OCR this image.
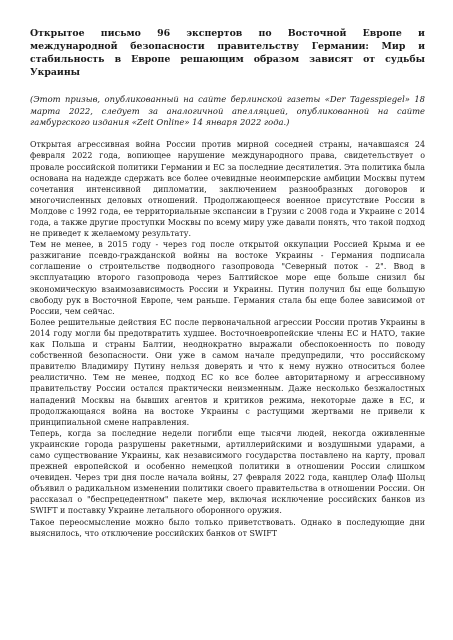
Открытое письмо 96 экспертов по Восточной Европе и международной безопасности правительству Германии: Мир и стабильность в Европе решающим образом зависят от судьбы Украины

(Этот призыв, опубликованный на сайте берлинской газеты «Der Tagesspiegel» 18 марта 2022, следует за аналогичной апелляцией, опубликованной на сайте гамбургского издания «Zeit Online» 14 января 2022 года.)

Открытая агрессивная война России против мирной соседней страны, начавшаяся 24 февраля 2022 года, вопиющее нарушение международного права, свидетельствует о провале российской политики Германии и ЕС за последние десятилетия. Эта политика была основана на надежде сдержать все более очевидные неоимперские амбиции Москвы путем сочетания интенсивной дипломатии, заключением разнообразных договоров и многочисленных деловых отношений. Продолжающееся военное присутствие России в Молдове с 1992 года, ее территориальные экспансии в Грузии с 2008 года и Украине с 2014 года, а также другие проступки Москвы по всему миру уже давали понять, что такой подход не приведет к желаемому результату.

Тем не менее, в 2015 году - через год после открытой оккупации Россией Крыма и ее разжигание псевдо-гражданской войны на востоке Украины - Германия подписала соглашение о строительстве подводного газопровода "Северный поток - 2". Ввод в эксплуатацию второго газопровода через Балтийское море еще больше снизил бы экономическую взаимозависимость России и Украины. Путин получил бы еще большую свободу рук в Восточной Европе, чем раньше. Германия стала бы еще более зависимой от России, чем сейчас.

Более решительные действия ЕС после первоначальной агрессии России против Украины в 2014 году могли бы предотвратить худшее. Восточноевропейские члены ЕС и НАТО, такие как Польша и страны Балтии, неоднократно выражали обеспокоенность по поводу собственной безопасности. Они уже в самом начале предупредили, что российскому правителю Владимиру Путину нельзя доверять и что к нему нужно относиться более реалистично. Тем не менее, подход ЕС ко все более авторитарному и агрессивному правительству России остался практически неизменным. Даже несколько безжалостных нападений Москвы на бывших агентов и критиков режима, некоторые даже в ЕС, и продолжающаяся война на востоке Украины с растущими жертвами не привели к принципиальной смене направления.

Теперь, когда за последние недели погибли еще тысячи людей, некогда оживленные украинские города разрушены ракетными, артиллерийскими и воздушными ударами, а само существование Украины, как независимого государства поставлено на карту, провал прежней европейской и особенно немецкой политики в отношении России слишком очевиден. Через три дня после начала войны, 27 февраля 2022 года, канцлер Олаф Шольц объявил о радикальном изменении политики своего правительства в отношении России. Он рассказал о "беспрецедентном" пакете мер, включая исключение российских банков из SWIFT и поставку Украине летального оборонного оружия.

Такое переосмысление можно было только приветствовать. Однако в последующие дни выяснилось, что отключение российских банков от SWIFT
